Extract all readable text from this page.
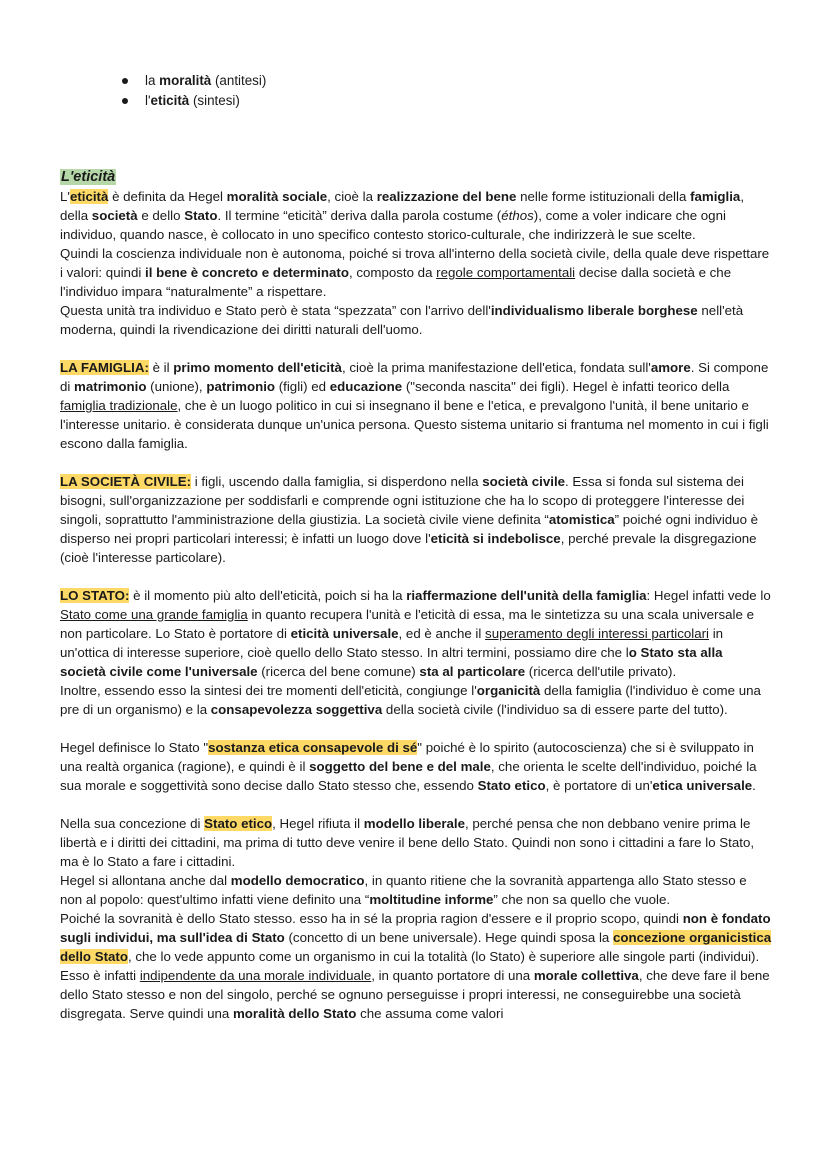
la moralità (antitesi)
l'eticità (sintesi)
L'eticità

L'eticità è definita da Hegel moralità sociale, cioè la realizzazione del bene nelle forme istituzionali della famiglia, della società e dello Stato. Il termine “eticità” deriva dalla parola costume (éthos), come a voler indicare che ogni individuo, quando nasce, è collocato in uno specifico contesto storico-culturale, che indirizzerà le sue scelte.

Quindi la coscienza individuale non è autonoma, poiché si trova all'interno della società civile, della quale deve rispettare i valori: quindi il bene è concreto e determinato, composto da regole comportamentali decise dalla società e che l'individuo impara “naturalmente” a rispettare.

Questa unità tra individuo e Stato però è stata “spezzata” con l'arrivo dell'individualismo liberale borghese nell'età moderna, quindi la rivendicazione dei diritti naturali dell'uomo.

LA FAMIGLIA: è il primo momento dell'eticità, cioè la prima manifestazione dell'etica, fondata sull'amore. Si compone di matrimonio (unione), patrimonio (figli) ed educazione ("seconda nascita" dei figli). Hegel è infatti teorico della famiglia tradizionale, che è un luogo politico in cui si insegnano il bene e l'etica, e prevalgono l'unità, il bene unitario e l'interesse unitario. è considerata dunque un'unica persona. Questo sistema unitario si frantuma nel momento in cui i figli escono dalla famiglia.

LA SOCIETÀ CIVILE: i figli, uscendo dalla famiglia, si disperdono nella società civile. Essa si fonda sul sistema dei bisogni, sull'organizzazione per soddisfarli e comprende ogni istituzione che ha lo scopo di proteggere l'interesse dei singoli, soprattutto l'amministrazione della giustizia. La società civile viene definita “atomistica” poiché ogni individuo è disperso nei propri particolari interessi; è infatti un luogo dove l'eticità si indebolisce, perché prevale la disgregazione (cioè l'interesse particolare).

LO STATO: è il momento più alto dell'eticità, poich si ha la riaffermazione dell'unità della famiglia: Hegel infatti vede lo Stato come una grande famiglia in quanto recupera l'unità e l'eticità di essa, ma le sintetizza su una scala universale e non particolare. Lo Stato è portatore di eticità universale, ed è anche il superamento degli interessi particolari in un'ottica di interesse superiore, cioè quello dello Stato stesso. In altri termini, possiamo dire che lo Stato sta alla società civile come l'universale (ricerca del bene comune) sta al particolare (ricerca dell'utile privato).

Inoltre, essendo esso la sintesi dei tre momenti dell'eticità, congiunge l'organicità della famiglia (l'individuo è come una pre di un organismo) e la consapevolezza soggettiva della società civile (l'individuo sa di essere parte del tutto).

Hegel definisce lo Stato "sostanza etica consapevole di sé" poiché è lo spirito (autocoscienza) che si è sviluppato in una realtà organica (ragione), e quindi è il soggetto del bene e del male, che orienta le scelte dell'individuo, poiché la sua morale e soggettività sono decise dallo Stato stesso che, essendo Stato etico, è portatore di un'etica universale.

Nella sua concezione di Stato etico, Hegel rifiuta il modello liberale, perché pensa che non debbano venire prima le libertà e i diritti dei cittadini, ma prima di tutto deve venire il bene dello Stato. Quindi non sono i cittadini a fare lo Stato, ma è lo Stato a fare i cittadini.

Hegel si allontana anche dal modello democratico, in quanto ritiene che la sovranità appartenga allo Stato stesso e non al popolo: quest'ultimo infatti viene definito una “moltitudine informe” che non sa quello che vuole.

Poiché la sovranità è dello Stato stesso. esso ha in sé la propria ragion d'essere e il proprio scopo, quindi non è fondato sugli individui, ma sull'idea di Stato (concetto di un bene universale). Hege quindi sposa la concezione organicistica dello Stato, che lo vede appunto come un organismo in cui la totalità (lo Stato) è superiore alle singole parti (individui). Esso è infatti indipendente da una morale individuale, in quanto portatore di una morale collettiva, che deve fare il bene dello Stato stesso e non del singolo, perché se ognuno perseguisse i propri interessi, ne conseguirebbe una società disgregata. Serve quindi una moralità dello Stato che assuma come valori
